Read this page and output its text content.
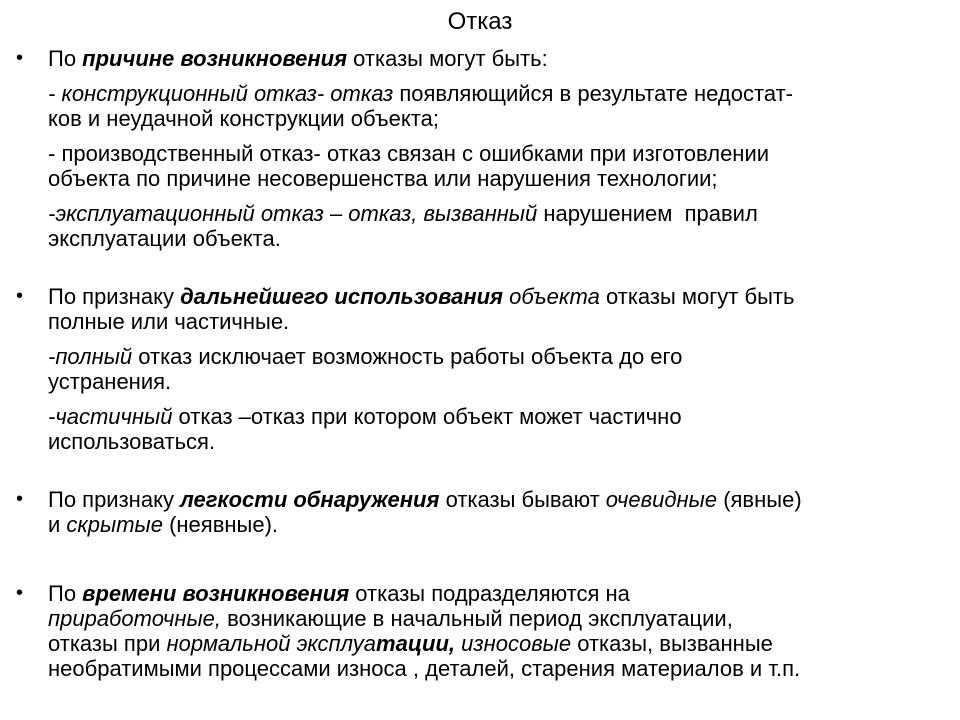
Отказ
•	По причине возникновения отказы могут быть:
- конструкционный отказ- отказ появляющийся в результате недостат-
ков и неудачной конструкции объекта;
- производственный отказ- отказ связан с ошибками при изготовлении
объекта по причине несовершенства или нарушения технологии;
-эксплуатационный отказ – отказ, вызванный нарушением  правил
эксплуатации объекта.
•	По признаку дальнейшего использования объекта отказы могут быть
полные или частичные.
-полный отказ исключает возможность работы объекта до его
устранения.
-частичный отказ –отказ при котором объект может частично
использоваться.
•	По признаку легкости обнаружения отказы бывают очевидные (явные)
и скрытые (неявные).
•	По времени возникновения отказы подразделяются на
приработочные, возникающие в начальный период эксплуатации,
отказы при нормальной эксплуатации, износовые отказы, вызванные
необратимыми процессами износа , деталей, старения материалов и т.п.
